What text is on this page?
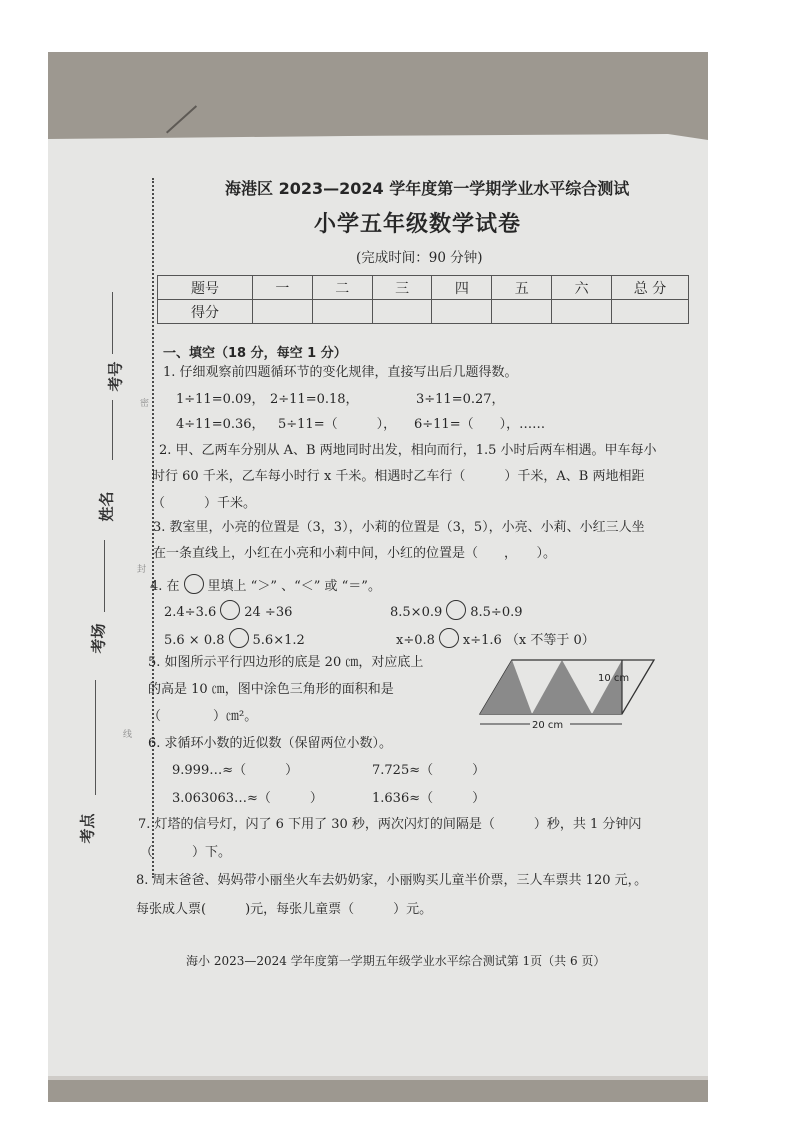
考号
姓名
考场
考点
密
封
线
海港区 2023—2024 学年度第一学期学业水平综合测试
小学五年级数学试卷
(完成时间：90 分钟)
题号	一	二	三	四	五	六	总 分
得分							
一、填空（18 分，每空 1 分）
1. 仔细观察前四题循环节的变化规律，直接写出后几题得数。
1÷11=0.09， 2÷11=0.18，	3÷11=0.27，
4÷11=0.36， 5÷11=（　　　）， 6÷11=（　　），……
2. 甲、乙两车分别从 A、B 两地同时出发，相向而行，1.5 小时后两车相遇。甲车每小
时行 60 千米，乙车每小时行 x 千米。相遇时乙车行（　　　）千米，A、B 两地相距
（　　　）千米。
3. 教室里，小亮的位置是（3，3），小莉的位置是（3，5），小亮、小莉、小红三人坐
在一条直线上，小红在小亮和小莉中间，小红的位置是（　　，　　）。
4. 在 里填上 “＞” 、“＜” 或 “＝”。
2.4÷3.6 24 ÷36	8.5×0.9 8.5÷0.9
5.6 × 0.8 5.6×1.2	x÷0.8 x÷1.6 （x 不等于 0）
5. 如图所示平行四边形的底是 20 ㎝，对应底上
的高是 10 ㎝，图中涂色三角形的面积和是
（　　　　）㎝²。
10 cm
20 cm
6. 求循环小数的近似数（保留两位小数）。
9.999…≈（　　　）	7.725≈（　　　）
3.063063…≈（　　　）	1.636≈（　　　）
7. 灯塔的信号灯，闪了 6 下用了 30 秒，两次闪灯的间隔是（　　　）秒，共 1 分钟闪
（　　　）下。
8. 周末爸爸、妈妈带小丽坐火车去奶奶家，小丽购买儿童半价票，三人车票共 120 元，。
每张成人票(　　　)元，每张儿童票（　　　）元。
海小 2023—2024 学年度第一学期五年级学业水平综合测试第 1页（共 6 页）
